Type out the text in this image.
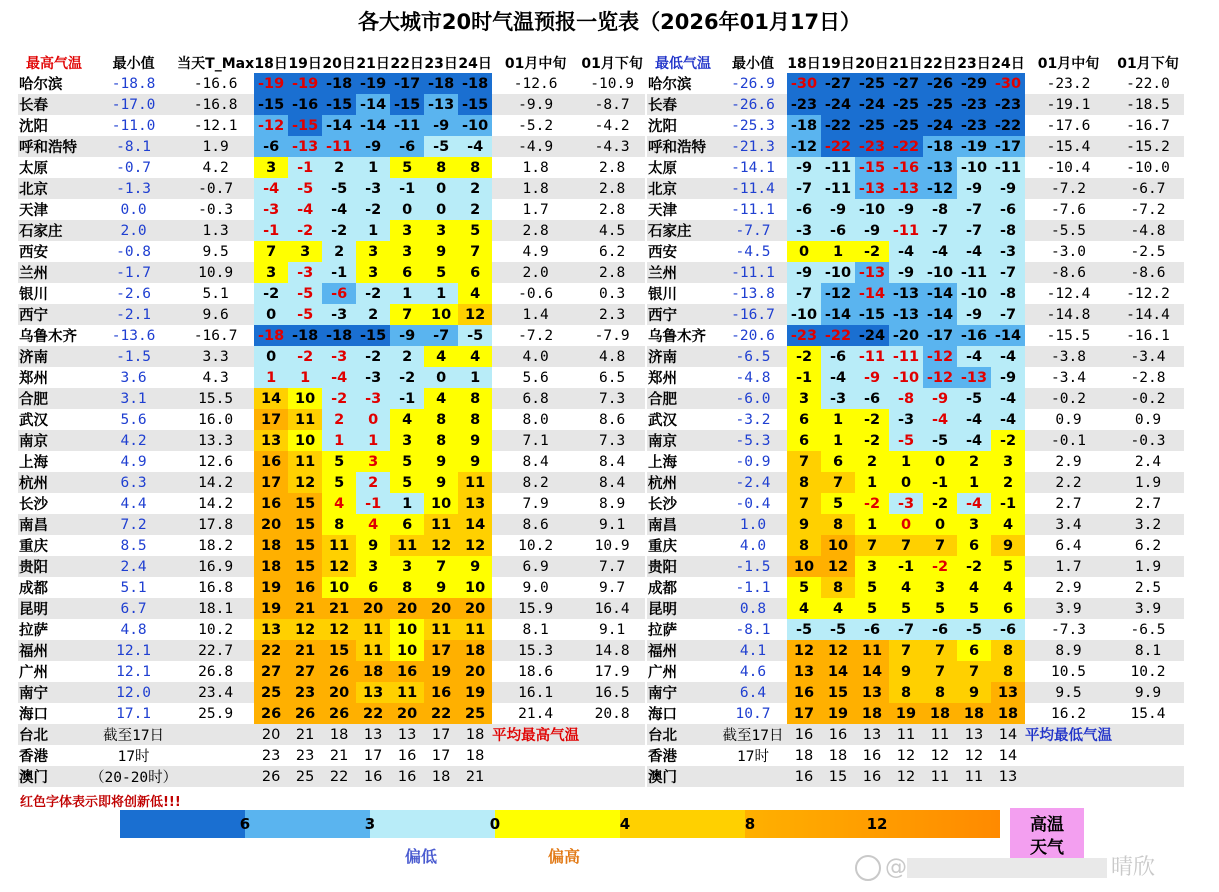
各大城市20时气温预报一览表（2026年01月17日）
最高气温	最小值	当天T_Max	18日	19日	20日	21日	22日	23日	24日	01月中旬	01月下旬
哈尔滨	-18.8	-16.6	-19	-19	-18	-19	-17	-18	-18	-12.6	-10.9
长春	-17.0	-16.8	-15	-16	-15	-14	-15	-13	-15	-9.9	-8.7
沈阳	-11.0	-12.1	-12	-15	-14	-14	-11	-9	-10	-5.2	-4.2
呼和浩特	-8.1	1.9	-6	-13	-11	-9	-6	-5	-4	-4.9	-4.3
太原	-0.7	4.2	3	-1	2	1	5	8	8	1.8	2.8
北京	-1.3	-0.7	-4	-5	-5	-3	-1	0	2	1.8	2.8
天津	0.0	-0.3	-3	-4	-4	-2	0	0	2	1.7	2.8
石家庄	2.0	1.3	-1	-2	-2	1	3	3	5	2.8	4.5
西安	-0.8	9.5	7	3	2	3	3	9	7	4.9	6.2
兰州	-1.7	10.9	3	-3	-1	3	6	5	6	2.0	2.8
银川	-2.6	5.1	-2	-5	-6	-2	1	1	4	-0.6	0.3
西宁	-2.1	9.6	0	-5	-3	2	7	10	12	1.4	2.3
乌鲁木齐	-13.6	-16.7	-18	-18	-18	-15	-9	-7	-5	-7.2	-7.9
济南	-1.5	3.3	0	-2	-3	-2	2	4	4	4.0	4.8
郑州	3.6	4.3	1	1	-4	-3	-2	0	1	5.6	6.5
合肥	3.1	15.5	14	10	-2	-3	-1	4	8	6.8	7.3
武汉	5.6	16.0	17	11	2	0	4	8	8	8.0	8.6
南京	4.2	13.3	13	10	1	1	3	8	9	7.1	7.3
上海	4.9	12.6	16	11	5	3	5	9	9	8.4	8.4
杭州	6.3	14.2	17	12	5	2	5	9	11	8.2	8.4
长沙	4.4	14.2	16	15	4	-1	1	10	13	7.9	8.9
南昌	7.2	17.8	20	15	8	4	6	11	14	8.6	9.1
重庆	8.5	18.2	18	15	11	9	11	12	12	10.2	10.9
贵阳	2.4	16.9	18	15	12	3	3	7	9	6.9	7.7
成都	5.1	16.8	19	16	10	6	8	9	10	9.0	9.7
昆明	6.7	18.1	19	21	21	20	20	20	20	15.9	16.4
拉萨	4.8	10.2	13	12	12	11	10	11	11	8.1	9.1
福州	12.1	22.7	22	21	15	11	10	17	18	15.3	14.8
广州	12.1	26.8	27	27	26	18	16	19	20	18.6	17.9
南宁	12.0	23.4	25	23	20	13	11	16	19	16.1	16.5
海口	17.1	25.9	26	26	26	22	20	22	25	21.4	20.8
台北	截至17日		20	21	18	13	13	17	18	平均最高气温	
香港	17时		23	23	21	17	16	17	18		
澳门	（20-20时）		26	25	22	16	16	18	21		
最低气温	最小值	18日	19日	20日	21日	22日	23日	24日	01月中旬	01月下旬
哈尔滨	-26.9	-30	-27	-25	-27	-26	-29	-30	-23.2	-22.0
长春	-26.6	-23	-24	-24	-25	-25	-23	-23	-19.1	-18.5
沈阳	-25.3	-18	-22	-25	-25	-24	-23	-22	-17.6	-16.7
呼和浩特	-21.3	-12	-22	-23	-22	-18	-19	-17	-15.4	-15.2
太原	-14.1	-9	-11	-15	-16	-13	-10	-11	-10.4	-10.0
北京	-11.4	-7	-11	-13	-13	-12	-9	-9	-7.2	-6.7
天津	-11.1	-6	-9	-10	-9	-8	-7	-6	-7.6	-7.2
石家庄	-7.7	-3	-6	-9	-11	-7	-7	-8	-5.5	-4.8
西安	-4.5	0	1	-2	-4	-4	-4	-3	-3.0	-2.5
兰州	-11.1	-9	-10	-13	-9	-10	-11	-7	-8.6	-8.6
银川	-13.8	-7	-12	-14	-13	-14	-10	-8	-12.4	-12.2
西宁	-16.7	-10	-14	-15	-13	-14	-9	-7	-14.8	-14.4
乌鲁木齐	-20.6	-23	-22	-24	-20	-17	-16	-14	-15.5	-16.1
济南	-6.5	-2	-6	-11	-11	-12	-4	-4	-3.8	-3.4
郑州	-4.8	-1	-4	-9	-10	-12	-13	-9	-3.4	-2.8
合肥	-6.0	3	-3	-6	-8	-9	-5	-4	-0.2	-0.2
武汉	-3.2	6	1	-2	-3	-4	-4	-4	0.9	0.9
南京	-5.3	6	1	-2	-5	-5	-4	-2	-0.1	-0.3
上海	-0.9	7	6	2	1	0	2	3	2.9	2.4
杭州	-2.4	8	7	1	0	-1	1	2	2.2	1.9
长沙	-0.4	7	5	-2	-3	-2	-4	-1	2.7	2.7
南昌	1.0	9	8	1	0	0	3	4	3.4	3.2
重庆	4.0	8	10	7	7	7	6	9	6.4	6.2
贵阳	-1.5	10	12	3	-1	-2	-2	5	1.7	1.9
成都	-1.1	5	8	5	4	3	4	4	2.9	2.5
昆明	0.8	4	4	5	5	5	5	6	3.9	3.9
拉萨	-8.1	-5	-5	-6	-7	-6	-5	-6	-7.3	-6.5
福州	4.1	12	12	11	7	7	6	8	8.9	8.1
广州	4.6	13	14	14	9	7	7	8	10.5	10.2
南宁	6.4	16	15	13	8	8	9	13	9.5	9.9
海口	10.7	17	19	18	19	18	18	18	16.2	15.4
台北	截至17日	16	16	13	11	11	13	14	平均最低气温	
香港	17时	18	18	16	12	12	12	14		
澳门		16	15	16	12	11	11	13		
红色字体表示即将创新低!!!
6	3	0	4	8	12
偏低	偏高
高温
天气
@	晴欣
